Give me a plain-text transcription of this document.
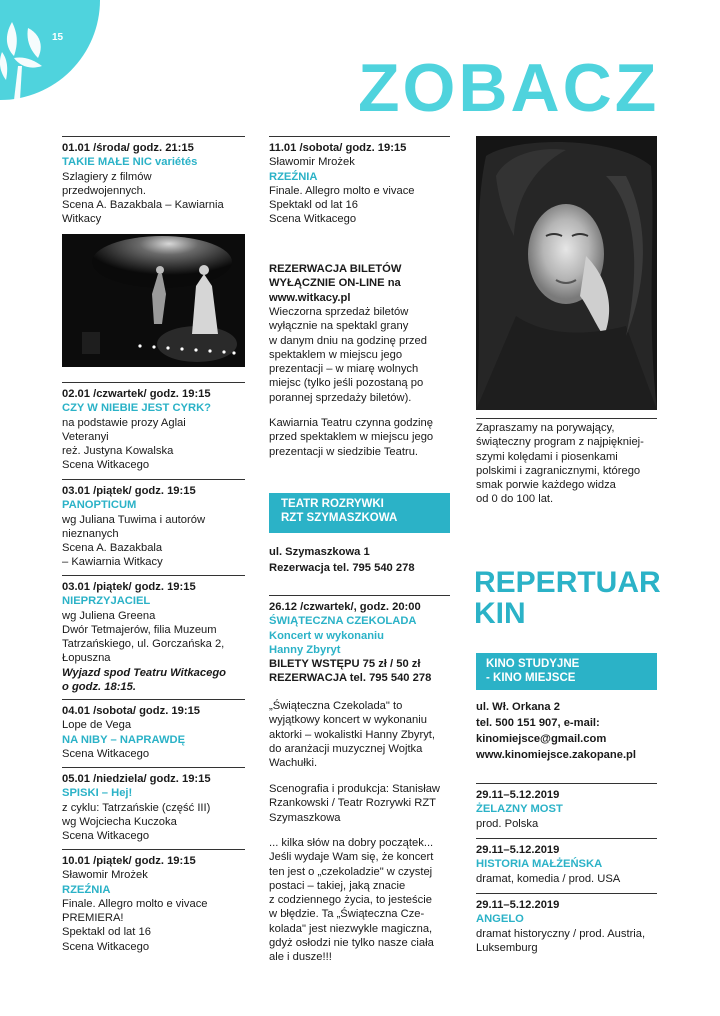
15
ZOBACZ
01.01 /środa/ godz. 21:15
TAKIE MAŁE NIC variétés
Szlagiery z filmów
przedwojennych.
Scena A. Bazakbala – Kawiarnia
Witkacy
02.01 /czwartek/ godz. 19:15
CZY W NIEBIE JEST CYRK?
na podstawie prozy Aglai
Veteranyi
reż. Justyna Kowalska
Scena Witkacego
03.01 /piątek/ godz. 19:15
PANOPTICUM
wg Juliana Tuwima i autorów
nieznanych
Scena A. Bazakbala
– Kawiarnia Witkacy
03.01 /piątek/ godz. 19:15
NIEPRZYJACIEL
wg Juliena Greena
Dwór Tetmajerów, filia Muzeum
Tatrzańskiego, ul. Gorczańska 2,
Łopuszna
Wyjazd spod Teatru Witkacego
o godz. 18:15.
04.01 /sobota/ godz. 19:15
Lope de Vega
NA NIBY – NAPRAWDĘ
Scena Witkacego
05.01 /niedziela/ godz. 19:15
SPISKI – Hej!
z cyklu: Tatrzańskie (część III)
wg Wojciecha Kuczoka
Scena Witkacego
10.01 /piątek/ godz. 19:15
Sławomir Mrożek
RZEŹNIA
Finale. Allegro molto e vivace
PREMIERA!
Spektakl od lat 16
Scena Witkacego
11.01 /sobota/ godz. 19:15
Sławomir Mrożek
RZEŹNIA
Finale. Allegro molto e vivace
Spektakl od lat 16
Scena Witkacego
REZERWACJA BILETÓW
WYŁĄCZNIE ON-LINE na
www.witkacy.pl
Wieczorna sprzedaż biletów
wyłącznie na spektakl grany
w danym dniu na godzinę przed
spektaklem w miejscu jego
prezentacji – w miarę wolnych
miejsc (tylko jeśli pozostaną po
porannej sprzedaży biletów).
Kawiarnia Teatru czynna godzinę
przed spektaklem w miejscu jego
prezentacji w siedzibie Teatru.
TEATR ROZRYWKI
RZT SZYMASZKOWA
ul. Szymaszkowa 1
Rezerwacja tel. 795 540 278
26.12 /czwartek/, godz. 20:00
ŚWIĄTECZNA CZEKOLADA
Koncert w wykonaniu
Hanny Zbyryt
BILETY WSTĘPU 75 zł / 50 zł
REZERWACJA tel. 795 540 278
„Świąteczna Czekolada" to
wyjątkowy koncert w wykonaniu
aktorki – wokalistki Hanny Zbyryt,
do aranżacji muzycznej Wojtka
Wachułki.
Scenografia i produkcja: Stanisław
Rzankowski / Teatr Rozrywki RZT
Szymaszkowa
... kilka słów na dobry początek...
Jeśli wydaje Wam się, że koncert
ten jest o „czekoladzie" w czystej
postaci – takiej, jaką znacie
z codziennego życia, to jesteście
w błędzie. Ta „Świąteczna Cze-
kolada" jest niezwykle magiczna,
gdyż osłodzi nie tylko nasze ciała
ale i dusze!!!
Zapraszamy na porywający,
świąteczny program z najpiękniej-
szymi kolędami i piosenkami
polskimi i zagranicznymi, którego
smak porwie każdego widza
od 0 do 100 lat.
REPERTUAR
KIN
KINO STUDYJNE
- KINO MIEJSCE
ul. Wł. Orkana 2
tel. 500 151 907, e-mail:
kinomiejsce@gmail.com
www.kinomiejsce.zakopane.pl
29.11–5.12.2019
ŻELAZNY MOST
prod. Polska
29.11–5.12.2019
HISTORIA MAŁŻEŃSKA
dramat, komedia / prod. USA
29.11–5.12.2019
ANGELO
dramat historyczny / prod. Austria,
Luksemburg
